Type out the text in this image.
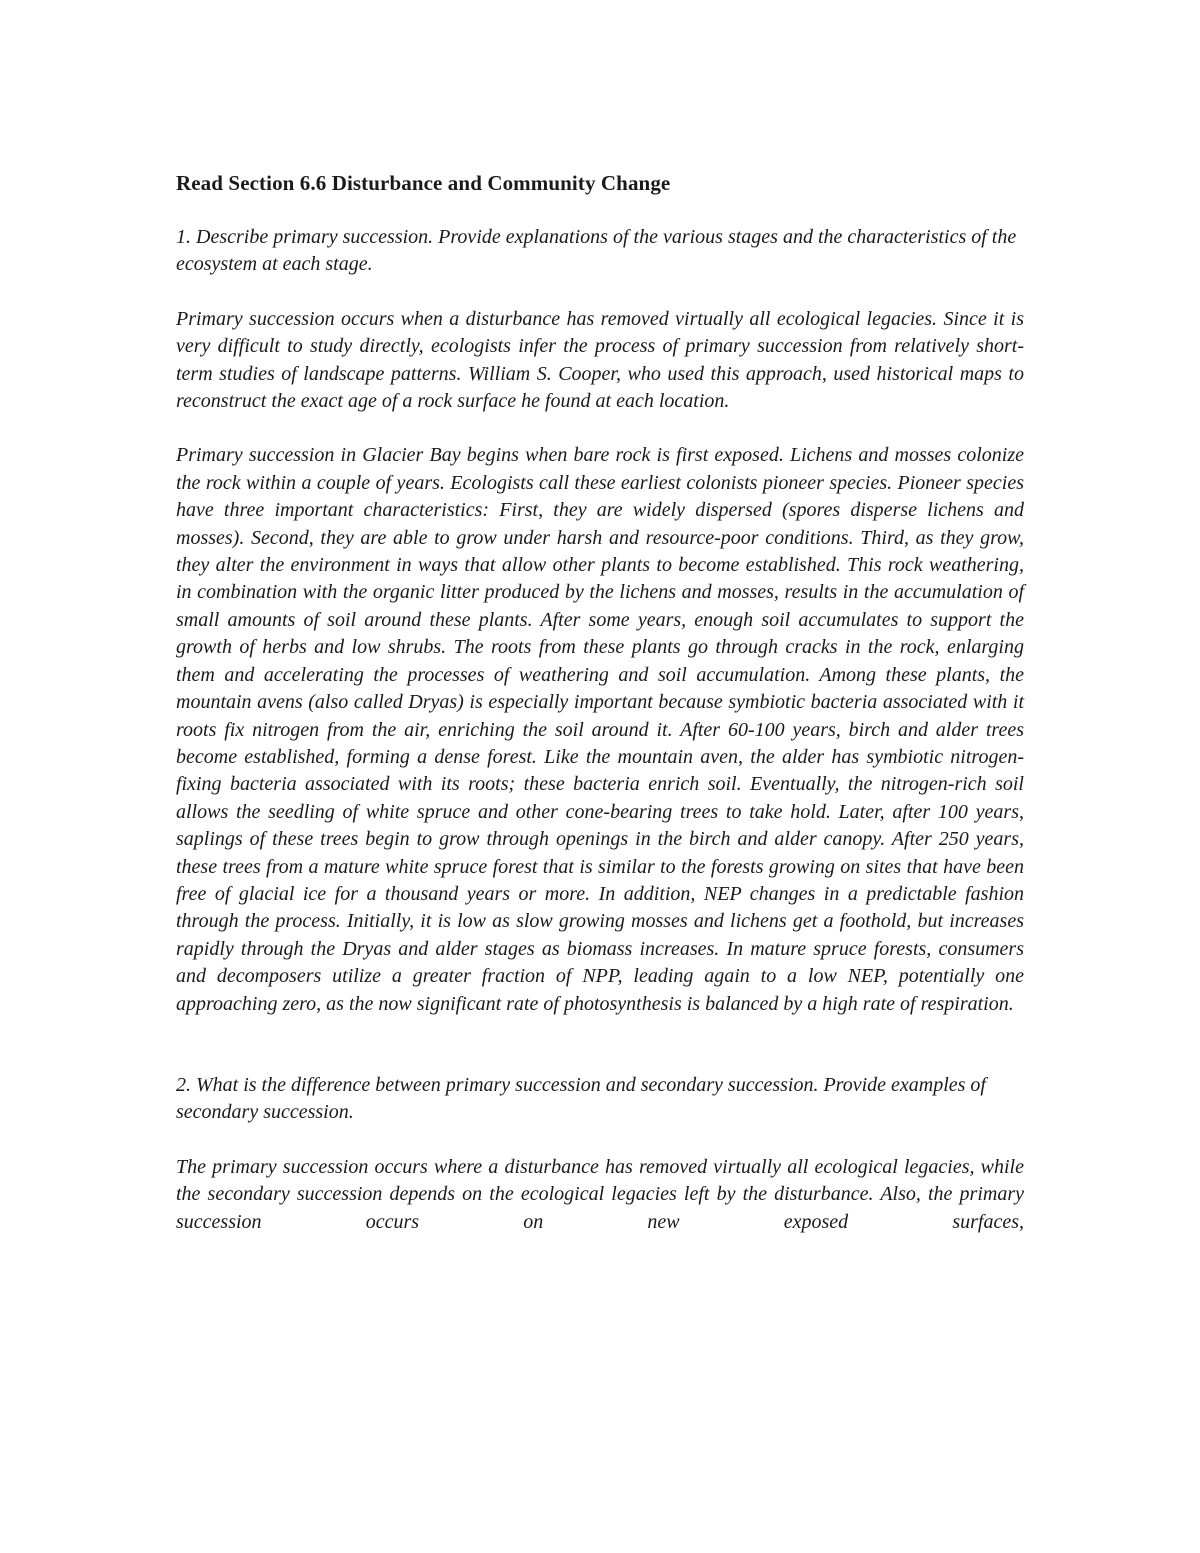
Read Section 6.6 Disturbance and Community Change
1. Describe primary succession. Provide explanations of the various stages and the characteristics of the ecosystem at each stage.
Primary succession occurs when a disturbance has removed virtually all ecological legacies. Since it is very difficult to study directly, ecologists infer the process of primary succession from relatively short-term studies of landscape patterns. William S. Cooper, who used this approach, used historical maps to reconstruct the exact age of a rock surface he found at each location.
Primary succession in Glacier Bay begins when bare rock is first exposed. Lichens and mosses colonize the rock within a couple of years. Ecologists call these earliest colonists pioneer species. Pioneer species have three important characteristics: First, they are widely dispersed (spores disperse lichens and mosses). Second, they are able to grow under harsh and resource-poor conditions. Third, as they grow, they alter the environment in ways that allow other plants to become established. This rock weathering, in combination with the organic litter produced by the lichens and mosses, results in the accumulation of small amounts of soil around these plants. After some years, enough soil accumulates to support the growth of herbs and low shrubs. The roots from these plants go through cracks in the rock, enlarging them and accelerating the processes of weathering and soil accumulation. Among these plants, the mountain avens (also called Dryas) is especially important because symbiotic bacteria associated with it roots fix nitrogen from the air, enriching the soil around it. After 60-100 years, birch and alder trees become established, forming a dense forest. Like the mountain aven, the alder has symbiotic nitrogen-fixing bacteria associated with its roots; these bacteria enrich soil. Eventually, the nitrogen-rich soil allows the seedling of white spruce and other cone-bearing trees to take hold. Later, after 100 years, saplings of these trees begin to grow through openings in the birch and alder canopy. After 250 years, these trees from a mature white spruce forest that is similar to the forests growing on sites that have been free of glacial ice for a thousand years or more. In addition, NEP changes in a predictable fashion through the process. Initially, it is low as slow growing mosses and lichens get a foothold, but increases rapidly through the Dryas and alder stages as biomass increases. In mature spruce forests, consumers and decomposers utilize a greater fraction of NPP, leading again to a low NEP, potentially one approaching zero, as the now significant rate of photosynthesis is balanced by a high rate of respiration.
2. What is the difference between primary succession and secondary succession. Provide examples of secondary succession.
The primary succession occurs where a disturbance has removed virtually all ecological legacies, while the secondary succession depends on the ecological legacies left by the disturbance. Also, the primary succession occurs on new exposed surfaces,
